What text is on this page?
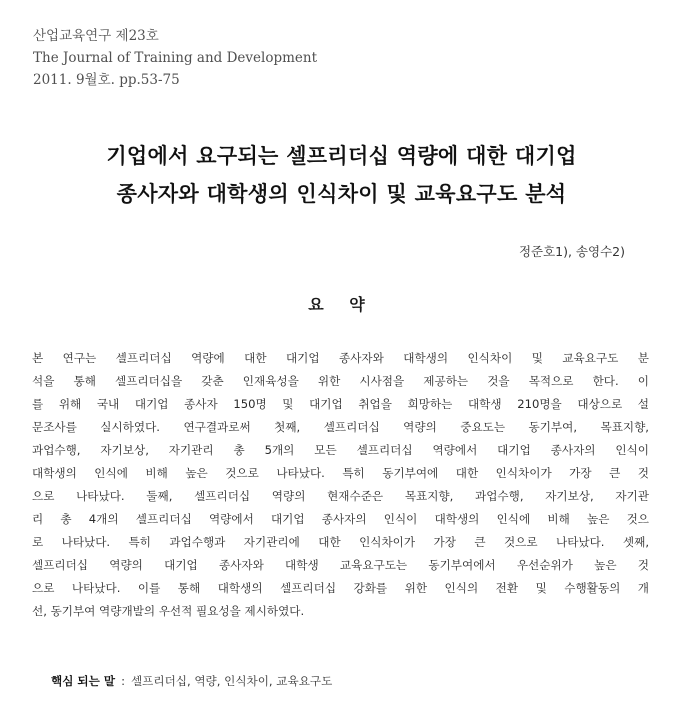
산업교육연구 제23호
The Journal of Training and Development
2011. 9월호. pp.53-75
기업에서 요구되는 셀프리더십 역량에 대한 대기업
종사자와 대학생의 인식차이 및 교육요구도 분석
정준호1), 송영수2)
요 약
본 연구는 셀프리더십 역량에 대한 대기업 종사자와 대학생의 인식차이 및 교육요구도 분
석을 통해 셀프리더십을 갖춘 인재육성을 위한 시사점을 제공하는 것을 목적으로 한다. 이
를 위해 국내 대기업 종사자 150명 및 대기업 취업을 희망하는 대학생 210명을 대상으로 설
문조사를 실시하였다. 연구결과로써 첫째, 셀프리더십 역량의 중요도는 동기부여, 목표지향,
과업수행, 자기보상, 자기관리 총 5개의 모든 셀프리더십 역량에서 대기업 종사자의 인식이
대학생의 인식에 비해 높은 것으로 나타났다. 특히 동기부여에 대한 인식차이가 가장 큰 것
으로 나타났다. 둘째, 셀프리더십 역량의 현재수준은 목표지향, 과업수행, 자기보상, 자기관
리 총 4개의 셀프리더십 역량에서 대기업 종사자의 인식이 대학생의 인식에 비해 높은 것으
로 나타났다. 특히 과업수행과 자기관리에 대한 인식차이가 가장 큰 것으로 나타났다. 셋째,
셀프리더십 역량의 대기업 종사자와 대학생 교육요구도는 동기부여에서 우선순위가 높은 것
으로 나타났다. 이를 통해 대학생의 셀프리더십 강화를 위한 인식의 전환 및 수행활동의 개
선, 동기부여 역량개발의 우선적 필요성을 제시하였다.
핵심 되는 말 : 셀프리더십, 역량, 인식차이, 교육요구도
